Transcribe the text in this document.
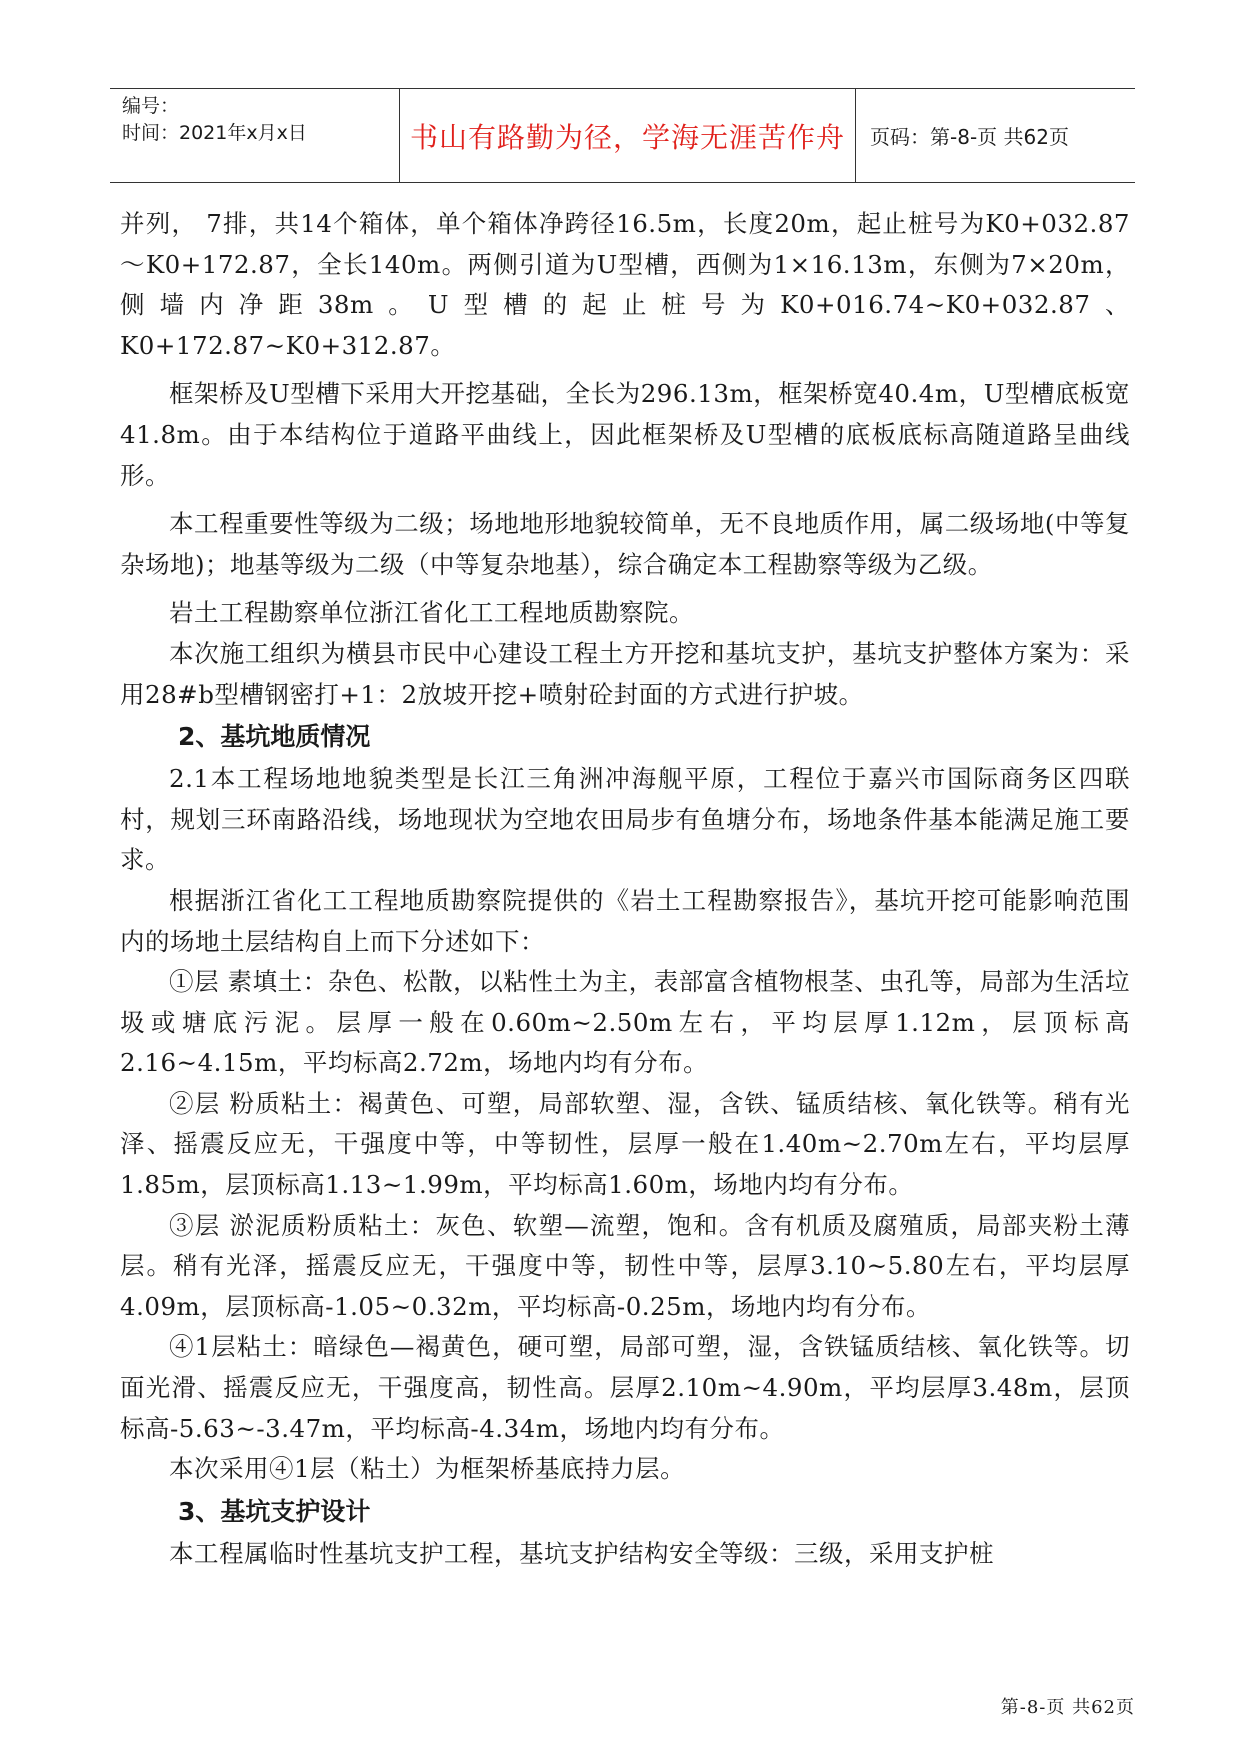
编号：
时间：2021年x月x日	书山有路勤为径，学海无涯苦作舟	页码：第-8-页 共62页

并列， 7排，共14个箱体，单个箱体净跨径16.5m，长度20m，起止桩号为K0+032.87～K0+172.87，全长140m。两侧引道为U型槽，西侧为1×16.13m，东侧为7×20m，侧墙内净距38m。U型槽的起止桩号为K0+016.74~K0+032.87、K0+172.87~K0+312.87。

框架桥及U型槽下采用大开挖基础，全长为296.13m，框架桥宽40.4m，U型槽底板宽41.8m。由于本结构位于道路平曲线上，因此框架桥及U型槽的底板底标高随道路呈曲线形。

本工程重要性等级为二级；场地地形地貌较简单，无不良地质作用，属二级场地(中等复杂场地)；地基等级为二级（中等复杂地基），综合确定本工程勘察等级为乙级。

岩土工程勘察单位浙江省化工工程地质勘察院。

本次施工组织为横县市民中心建设工程土方开挖和基坑支护，基坑支护整体方案为：采用28#b型槽钢密打+1：2放坡开挖+喷射砼封面的方式进行护坡。

2、基坑地质情况

2.1本工程场地地貌类型是长江三角洲冲海舰平原，工程位于嘉兴市国际商务区四联村，规划三环南路沿线，场地现状为空地农田局步有鱼塘分布，场地条件基本能满足施工要求。

根据浙江省化工工程地质勘察院提供的《岩土工程勘察报告》，基坑开挖可能影响范围内的场地土层结构自上而下分述如下：

①层 素填土：杂色、松散，以粘性土为主，表部富含植物根茎、虫孔等，局部为生活垃圾或塘底污泥。层厚一般在0.60m~2.50m左右，平均层厚1.12m，层顶标高2.16~4.15m，平均标高2.72m，场地内均有分布。

②层 粉质粘土：褐黄色、可塑，局部软塑、湿，含铁、锰质结核、氧化铁等。稍有光泽、摇震反应无，干强度中等，中等韧性，层厚一般在1.40m~2.70m左右，平均层厚1.85m，层顶标高1.13~1.99m，平均标高1.60m，场地内均有分布。

③层 淤泥质粉质粘土：灰色、软塑—流塑，饱和。含有机质及腐殖质，局部夹粉土薄层。稍有光泽，摇震反应无，干强度中等，韧性中等，层厚3.10~5.80左右，平均层厚4.09m，层顶标高-1.05~0.32m，平均标高-0.25m，场地内均有分布。

④1层粘土：暗绿色—褐黄色，硬可塑，局部可塑，湿，含铁锰质结核、氧化铁等。切面光滑、摇震反应无，干强度高，韧性高。层厚2.10m~4.90m，平均层厚3.48m，层顶标高-5.63~-3.47m，平均标高-4.34m，场地内均有分布。

本次采用④1层（粘土）为框架桥基底持力层。

3、基坑支护设计

本工程属临时性基坑支护工程，基坑支护结构安全等级：三级，采用支护桩

第-8-页 共62页
